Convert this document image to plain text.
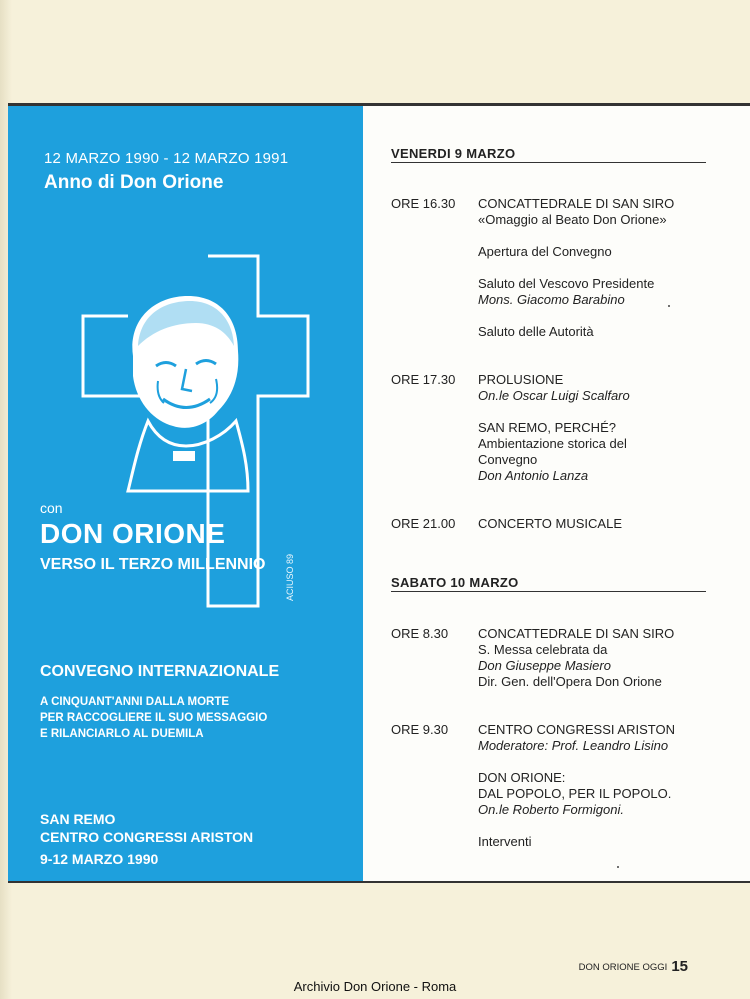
12 MARZO 1990 - 12 MARZO 1991
Anno di Don Orione
con
DON ORIONE
VERSO IL TERZO MILLENNIO ACIUSO 89
CONVEGNO INTERNAZIONALE
A CINQUANT'ANNI DALLA MORTE
PER RACCOGLIERE IL SUO MESSAGGIO
E RILANCIARLO AL DUEMILA
SAN REMO
CENTRO CONGRESSI ARISTON
9-12 MARZO 1990
VENERDI 9 MARZO
ORE 16.30 CONCATTEDRALE DI SAN SIRO
«Omaggio al Beato Don Orione»
Apertura del Convegno
Saluto del Vescovo Presidente
Mons. Giacomo Barabino
Saluto delle Autorità
ORE 17.30 PROLUSIONE
On.le Oscar Luigi Scalfaro
SAN REMO, PERCHÉ?
Ambientazione storica del
Convegno
Don Antonio Lanza
ORE 21.00 CONCERTO MUSICALE
SABATO 10 MARZO
ORE 8.30 CONCATTEDRALE DI SAN SIRO
S. Messa celebrata da
Don Giuseppe Masiero
Dir. Gen. dell'Opera Don Orione
ORE 9.30 CENTRO CONGRESSI ARISTON
Moderatore: Prof. Leandro Lisino
DON ORIONE:
DAL POPOLO, PER IL POPOLO.
On.le Roberto Formigoni.
Interventi
DON ORIONE OGGI 15
Archivio Don Orione - Roma
